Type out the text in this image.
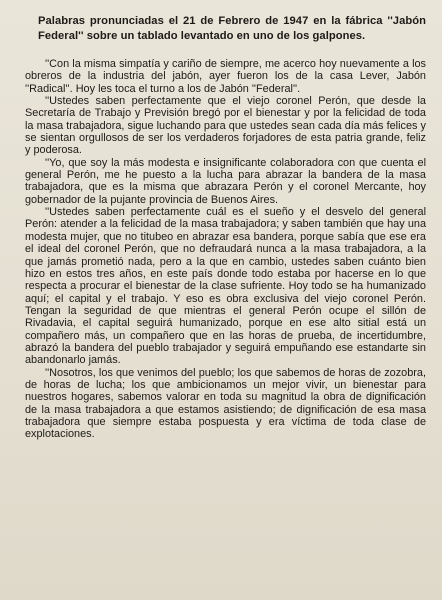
Palabras pronunciadas el 21 de Febrero de 1947 en la fábrica ''Jabón Federal'' sobre un tablado levantado en uno de los galpones.

''Con la misma simpatía y cariño de siempre, me acerco hoy nuevamente a los obreros de la industria del jabón, ayer fueron los de la casa Lever, Jabón ''Radical''. Hoy les toca el turno a los de Jabón ''Federal''.

''Ustedes saben perfectamente que el viejo coronel Perón, que desde la Secretaría de Trabajo y Previsión bregó por el bienestar y por la felicidad de toda la masa trabajadora, sigue luchando para que ustedes sean cada día más felices y se sientan orgullosos de ser los verdaderos forjadores de esta patria grande, feliz y poderosa.

''Yo, que soy la más modesta e insignificante colaboradora con que cuenta el general Perón, me he puesto a la lucha para abrazar la bandera de la masa trabajadora, que es la misma que abrazara Perón y el coronel Mercante, hoy gobernador de la pujante provincia de Buenos Aires.

''Ustedes saben perfectamente cuál es el sueño y el desvelo del general Perón: atender a la felicidad de la masa trabajadora; y saben también que hay una modesta mujer, que no titubeo en abrazar esa bandera, porque sabía que ese era el ideal del coronel Perón, que no defraudará nunca a la masa trabajadora, a la que jamás prometió nada, pero a la que en cambio, ustedes saben cuánto bien hizo en estos tres años, en este país donde todo estaba por hacerse en lo que respecta a procurar el bienestar de la clase sufriente. Hoy todo se ha humanizado aquí; el capital y el trabajo. Y eso es obra exclusiva del viejo coronel Perón. Tengan la seguridad de que mientras el general Perón ocupe el sillón de Rivadavia, el capital seguirá humanizado, porque en ese alto sitial está un compañero más, un compañero que en las horas de prueba, de incertidumbre, abrazó la bandera del pueblo trabajador y seguirá empuñando ese estandarte sin abandonarlo jamás.

''Nosotros, los que venimos del pueblo; los que sabemos de horas de zozobra, de horas de lucha; los que ambicionamos un mejor vivir, un bienestar para nuestros hogares, sabemos valorar en toda su magnitud la obra de dignificación de la masa trabajadora a que estamos asistiendo; de dignificación de esa masa trabajadora que siempre estaba pospuesta y era víctima de toda clase de explotaciones.
